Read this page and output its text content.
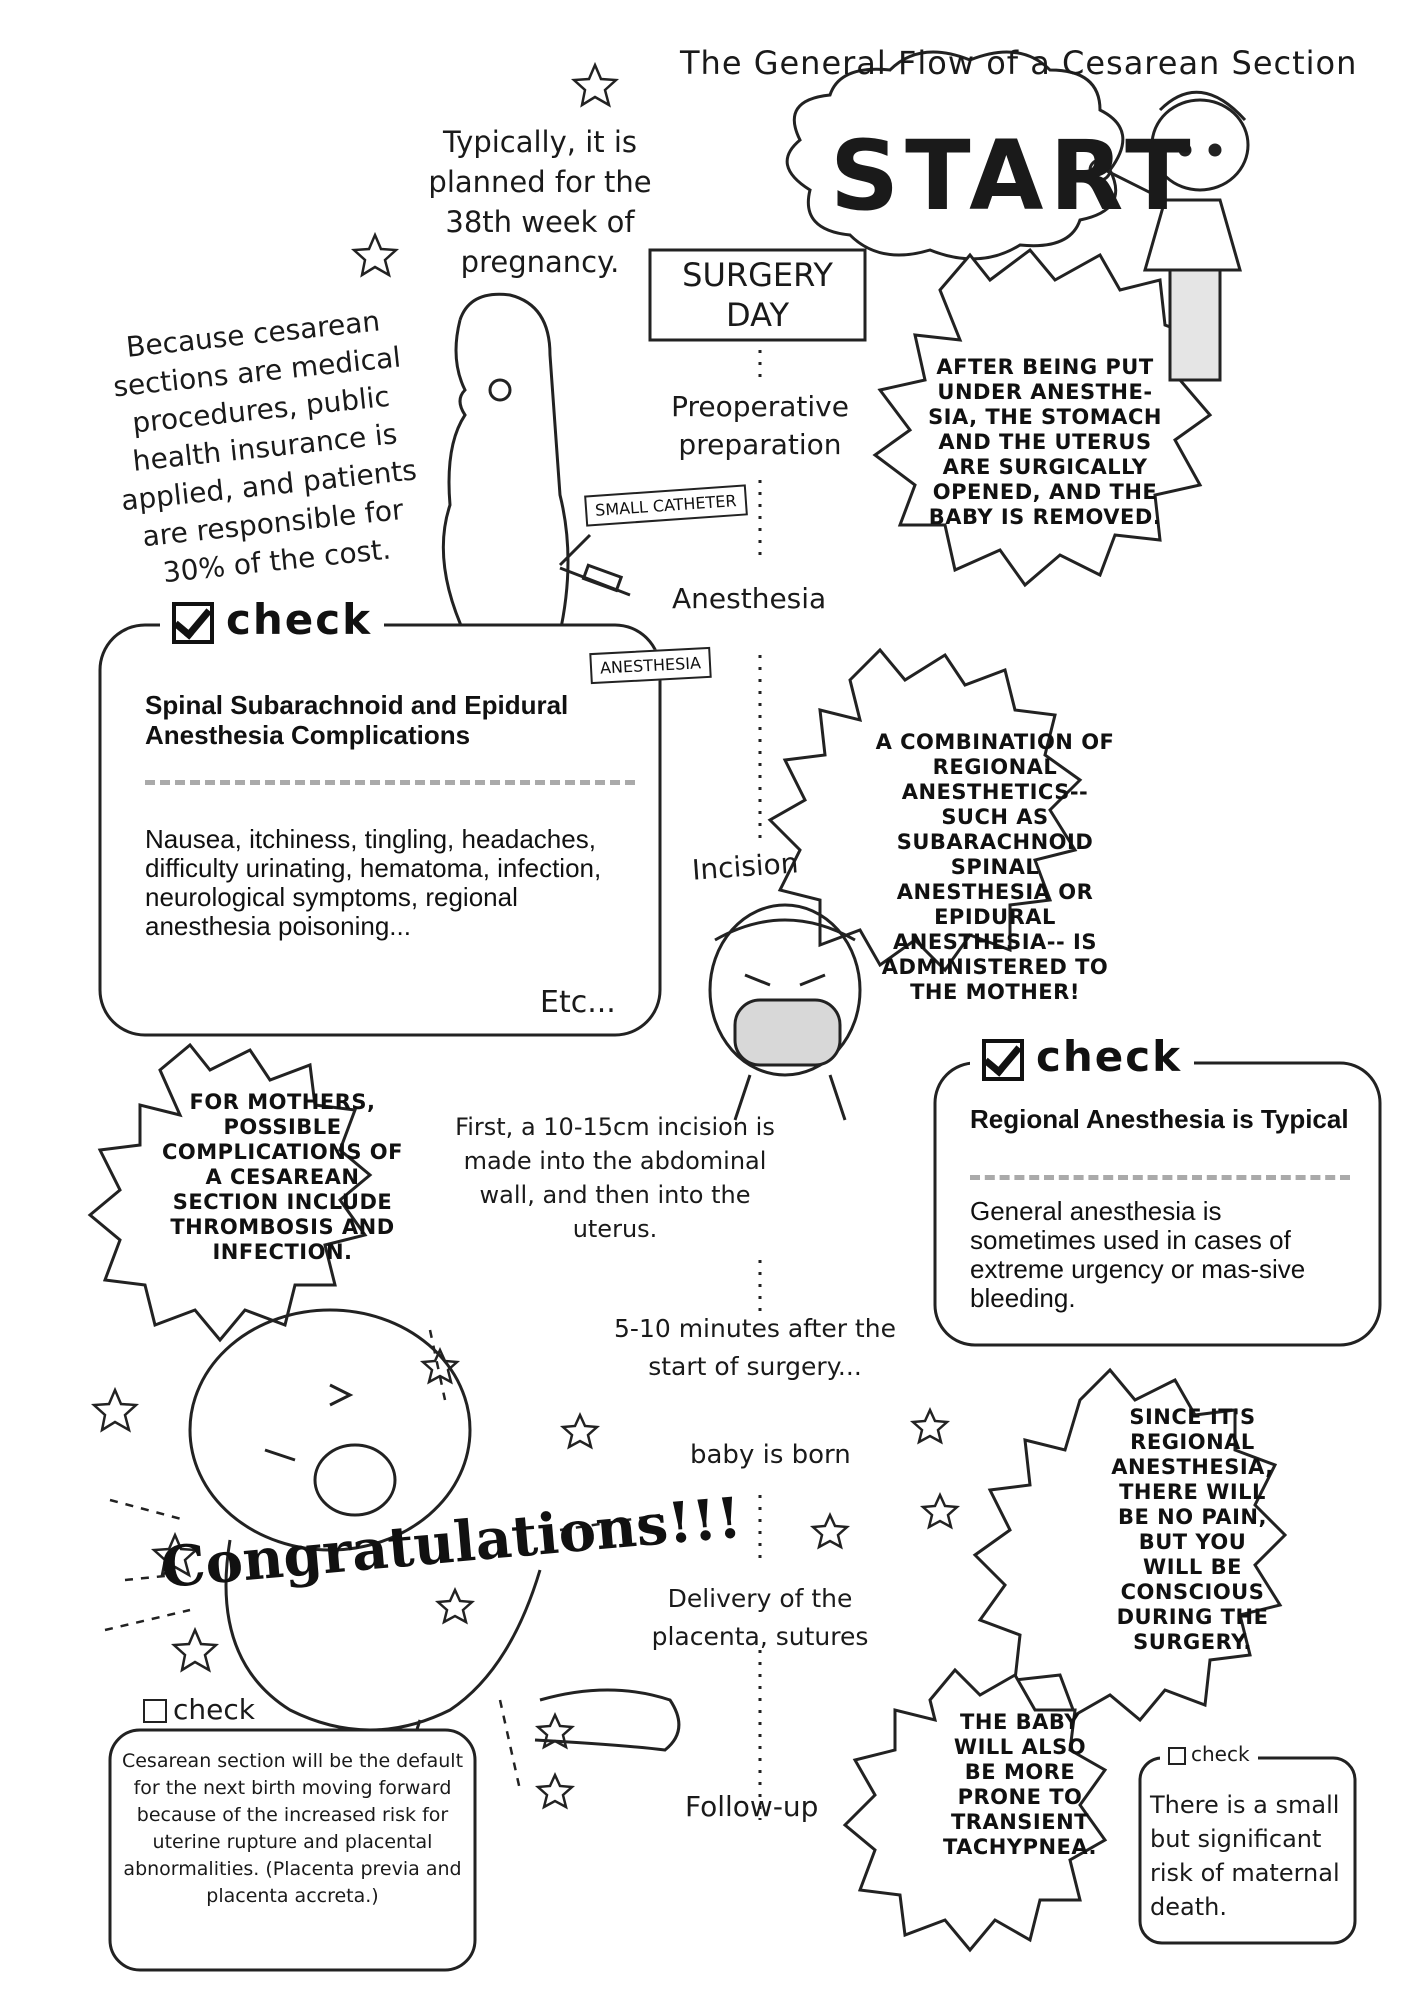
The General Flow of a Cesarean Section
START
Typically, it is planned for the 38th week of pregnancy.
Because cesarean sections are medical procedures, public health insurance is applied, and patients are responsible for 30% of the cost.
SURGERY DAY
Preoperative preparation
Anesthesia
Incision
5-10 minutes after the start of surgery...
baby is born
Delivery of the placenta, sutures
Follow-up
SMALL CATHETER
ANESTHESIA
AFTER BEING PUT UNDER ANESTHE-SIA, THE STOMACH AND THE UTERUS ARE SURGICALLY OPENED, AND THE BABY IS REMOVED.
A COMBINATION OF REGIONAL ANESTHETICS--SUCH AS SUBARACHNOID SPINAL ANESTHESIA OR EPIDURAL ANESTHESIA-- IS ADMINISTERED TO THE MOTHER!
FOR MOTHERS, POSSIBLE COMPLICATIONS OF A CESAREAN SECTION INCLUDE THROMBOSIS AND INFECTION.
SINCE IT'S REGIONAL ANESTHESIA, THERE WILL BE NO PAIN, BUT YOU WILL BE CONSCIOUS DURING THE SURGERY.
THE BABY WILL ALSO BE MORE PRONE TO TRANSIENT TACHYPNEA.
First, a 10-15cm incision is made into the abdominal wall, and then into the uterus.
Congratulations!!!
check
Spinal Subarachnoid and Epidural Anesthesia Complications
Nausea, itchiness, tingling, headaches, difficulty urinating, hematoma, infection, neurological symptoms, regional anesthesia poisoning...
Etc...
check
Regional Anesthesia is Typical
General anesthesia is sometimes used in cases of extreme urgency or mas-sive bleeding.
check
Cesarean section will be the default for the next birth moving forward because of the increased risk for uterine rupture and placental abnormalities. (Placenta previa and placenta accreta.)
check
There is a small but significant risk of maternal death.
